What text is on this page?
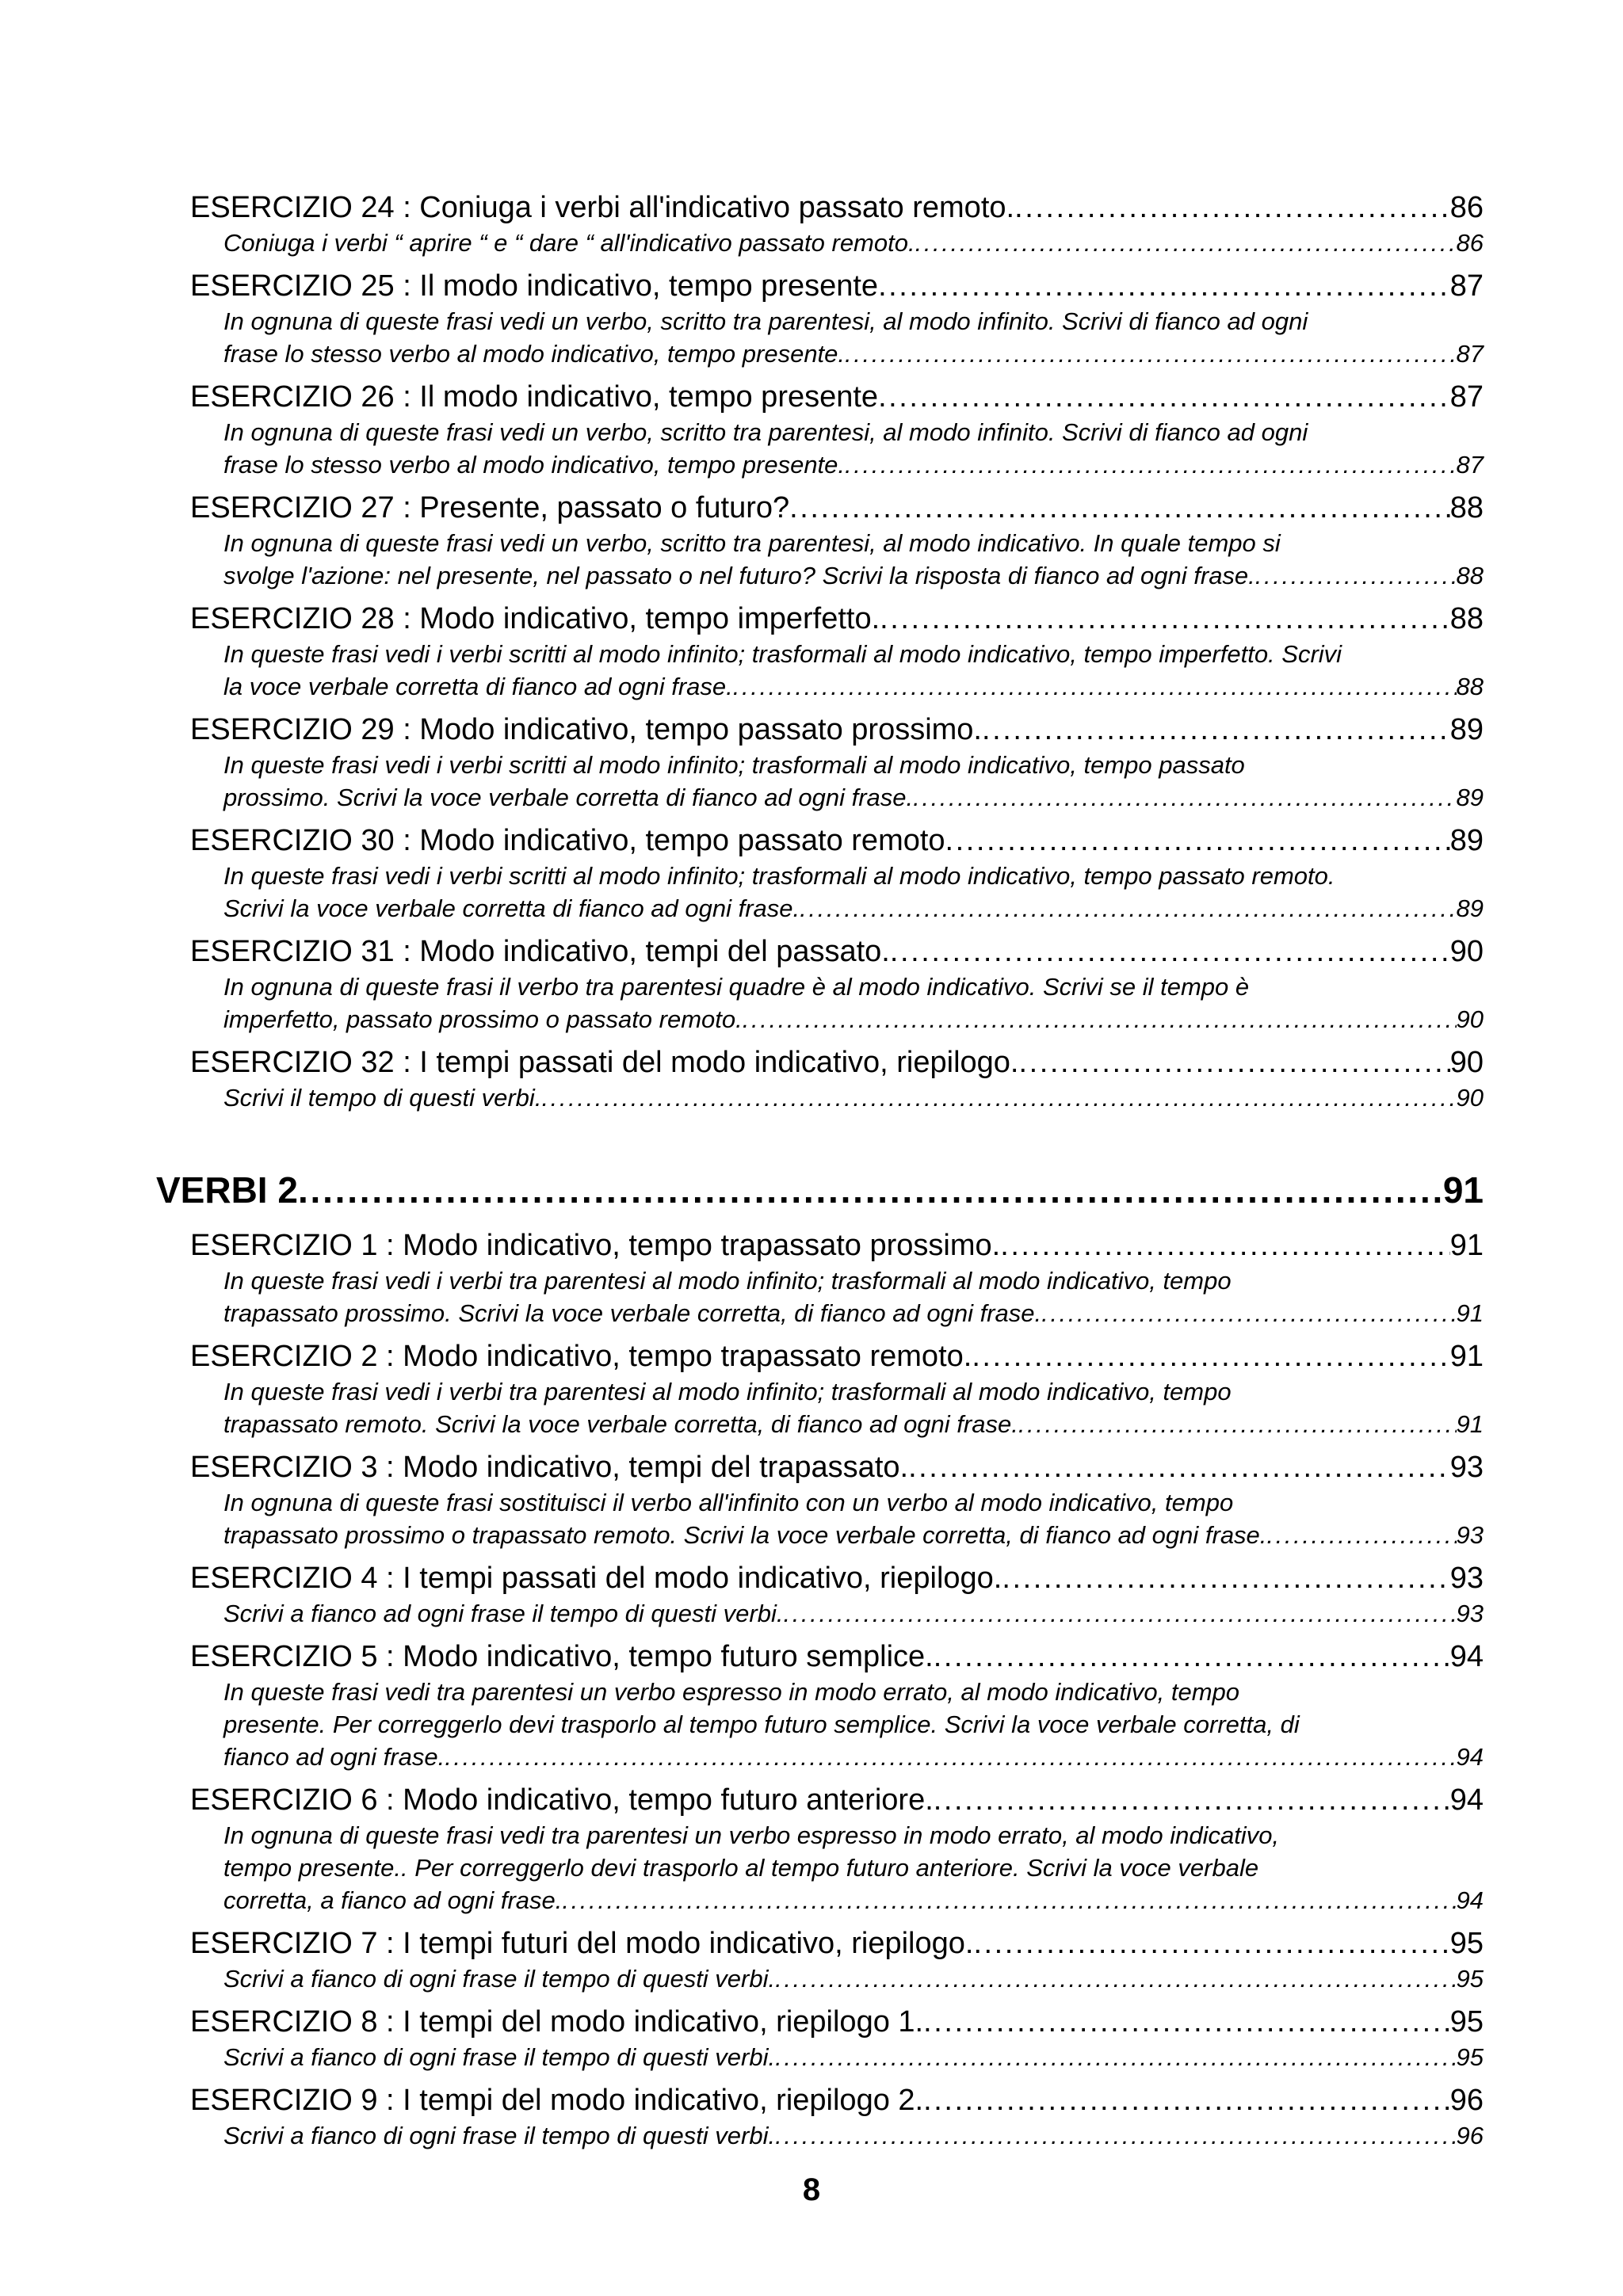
ESERCIZIO 24 : Coniuga i verbi all'indicativo passato remoto. . . .	86
Coniuga i verbi “ aprire “ e “ dare “ all'indicativo passato remoto. . . .	86
ESERCIZIO 25 : Il modo indicativo, tempo presente . . .	87
In ognuna di queste frasi vedi un verbo, scritto tra parentesi, al modo infinito. Scrivi di fianco ad ogni
frase lo stesso verbo al modo indicativo, tempo presente. . . .	87
ESERCIZIO 26 : Il modo indicativo, tempo presente . . .	87
In ognuna di queste frasi vedi un verbo, scritto tra parentesi, al modo infinito. Scrivi di fianco ad ogni
frase lo stesso verbo al modo indicativo, tempo presente. . . .	87
ESERCIZIO 27 : Presente, passato o futuro? . . .	88
In ognuna di queste frasi vedi un verbo, scritto tra parentesi, al modo indicativo. In quale tempo si
svolge l'azione: nel presente, nel passato o nel futuro? Scrivi la risposta di fianco ad ogni frase. . . .	88
ESERCIZIO 28 : Modo indicativo, tempo imperfetto. . . .	88
In queste frasi vedi i verbi scritti al modo infinito; trasformali al modo indicativo, tempo imperfetto. Scrivi
la voce verbale corretta di fianco ad ogni frase. . . .	88
ESERCIZIO 29 : Modo indicativo, tempo passato prossimo. . . .	89
In queste frasi vedi i verbi scritti al modo infinito; trasformali al modo indicativo, tempo passato
prossimo. Scrivi la voce verbale corretta di fianco ad ogni frase. . . .	89
ESERCIZIO 30 : Modo indicativo, tempo passato remoto . . .	89
In queste frasi vedi i verbi scritti al modo infinito; trasformali al modo indicativo, tempo passato remoto.
Scrivi la voce verbale corretta di fianco ad ogni frase. . . .	89
ESERCIZIO 31 : Modo indicativo, tempi del passato. . . .	90
In ognuna di queste frasi il verbo tra parentesi quadre è al modo indicativo. Scrivi se il tempo è
imperfetto, passato prossimo o passato remoto. . . .	90
ESERCIZIO 32 : I tempi passati del modo indicativo, riepilogo. . . .	90
Scrivi il tempo di questi verbi. . . .	90
VERBI 2 . . .	91
ESERCIZIO 1 : Modo indicativo, tempo trapassato prossimo. . . .	91
In queste frasi vedi i verbi tra parentesi al modo infinito; trasformali al modo indicativo, tempo
trapassato prossimo. Scrivi la voce verbale corretta, di fianco ad ogni frase. . . .	91
ESERCIZIO 2 : Modo indicativo, tempo trapassato remoto. . . .	91
In queste frasi vedi i verbi tra parentesi al modo infinito; trasformali al modo indicativo, tempo
trapassato remoto. Scrivi la voce verbale corretta, di fianco ad ogni frase. . . .	91
ESERCIZIO 3 : Modo indicativo, tempi del trapassato. . . .	93
In ognuna di queste frasi sostituisci il verbo all'infinito con un verbo al modo indicativo, tempo
trapassato prossimo o trapassato remoto. Scrivi la voce verbale corretta, di fianco ad ogni frase. . . .	93
ESERCIZIO 4 : I tempi passati del modo indicativo, riepilogo. . . .	93
Scrivi a fianco ad ogni frase il tempo di questi verbi. . . .	93
ESERCIZIO 5 : Modo indicativo, tempo futuro semplice. . . .	94
In queste frasi vedi tra parentesi un verbo espresso in modo errato, al modo indicativo, tempo
presente. Per correggerlo devi trasporlo al tempo futuro semplice. Scrivi la voce verbale corretta, di
fianco ad ogni frase. . . .	94
ESERCIZIO 6 : Modo indicativo, tempo futuro anteriore. . . .	94
In ognuna di queste frasi vedi tra parentesi un verbo espresso in modo errato, al modo indicativo,
tempo presente.. Per correggerlo devi trasporlo al tempo futuro anteriore. Scrivi la voce verbale
corretta, a fianco ad ogni frase. . . .	94
ESERCIZIO 7 : I tempi futuri del modo indicativo, riepilogo. . . .	95
Scrivi a fianco di ogni frase il tempo di questi verbi. . . .	95
ESERCIZIO 8 : I tempi del modo indicativo, riepilogo 1. . . .	95
Scrivi a fianco di ogni frase il tempo di questi verbi. . . .	95
ESERCIZIO 9 : I tempi del modo indicativo, riepilogo 2. . . .	96
Scrivi a fianco di ogni frase il tempo di questi verbi. . . .	96
8
